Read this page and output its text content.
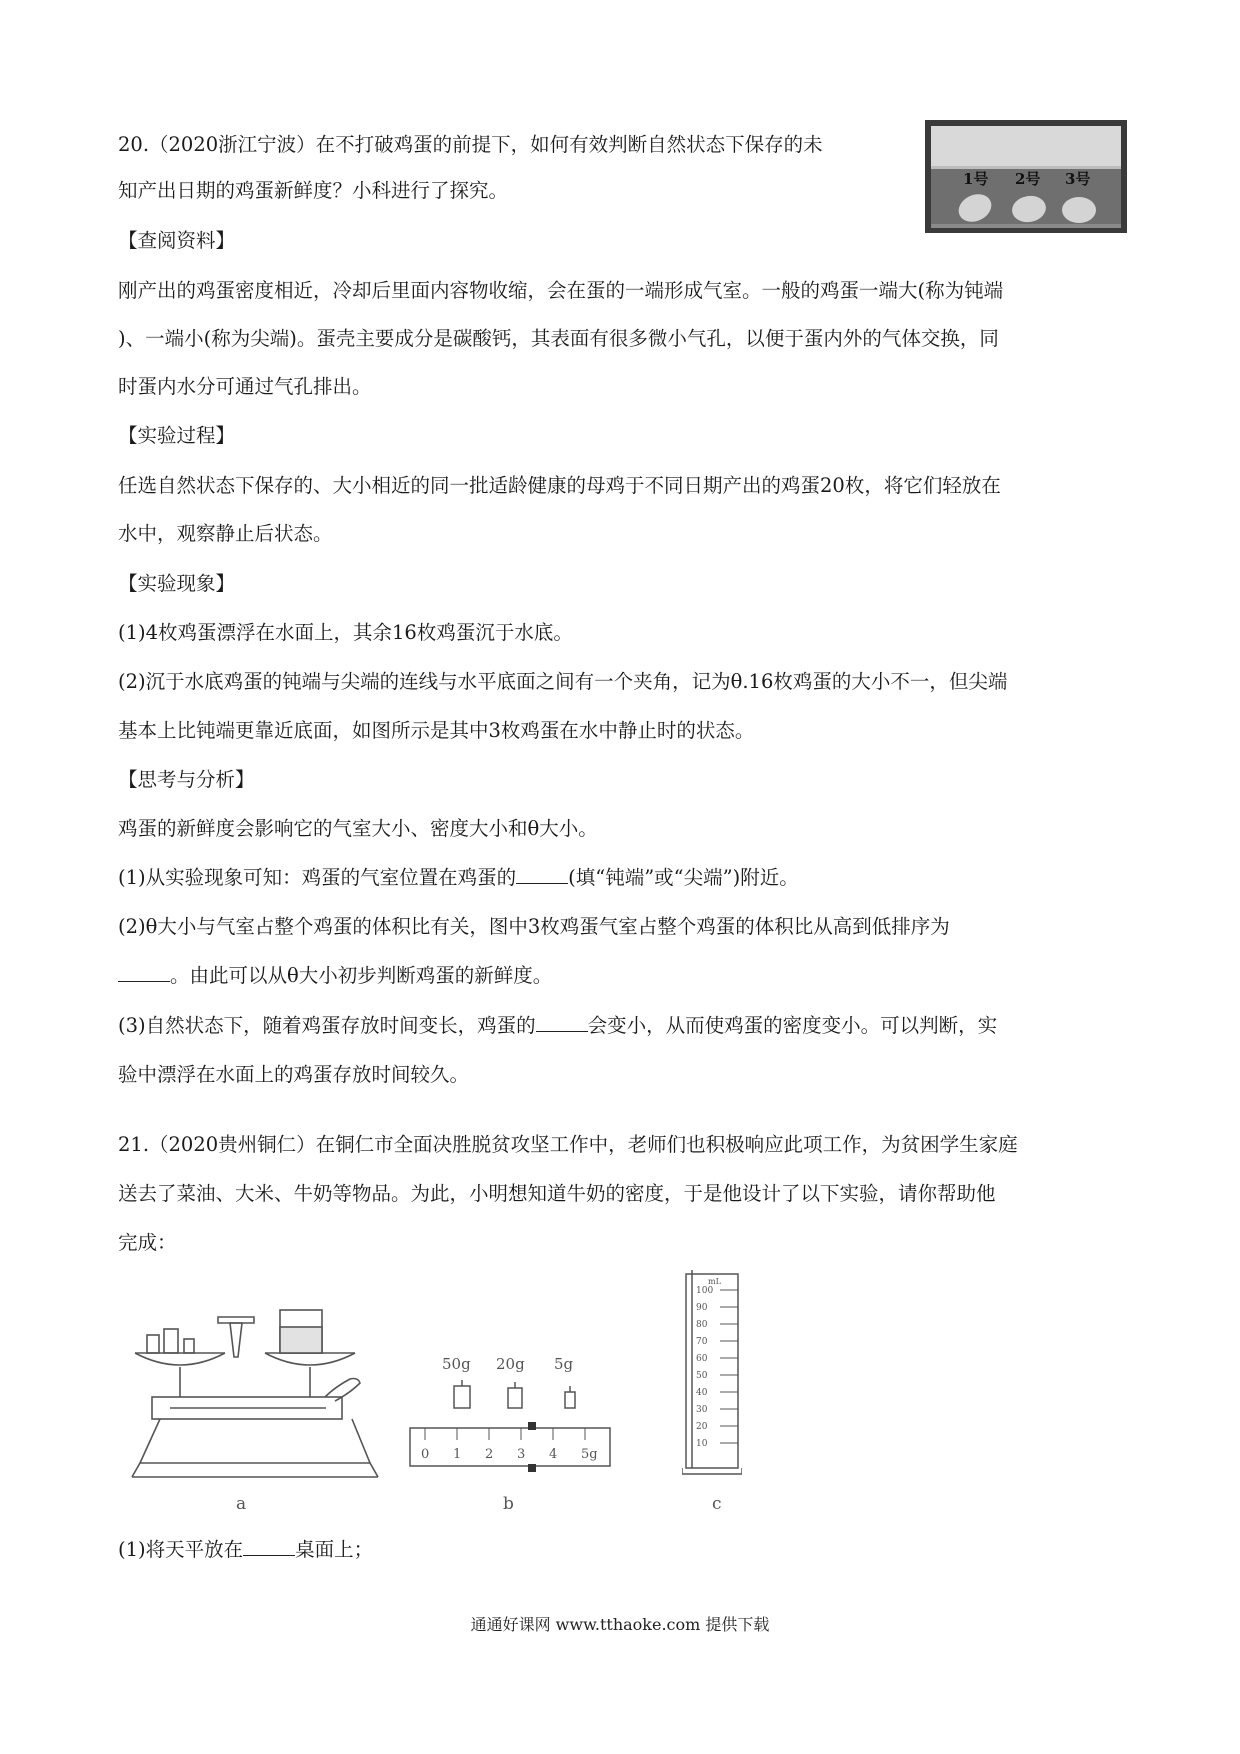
20.（2020浙江宁波）在不打破鸡蛋的前提下，如何有效判断自然状态下保存的未
知产出日期的鸡蛋新鲜度？小科进行了探究。
【查阅资料】
刚产出的鸡蛋密度相近，冷却后里面内容物收缩，会在蛋的一端形成气室。一般的鸡蛋一端大(称为钝端
)、一端小(称为尖端)。蛋壳主要成分是碳酸钙，其表面有很多微小气孔，以便于蛋内外的气体交换，同
时蛋内水分可通过气孔排出。
【实验过程】
任选自然状态下保存的、大小相近的同一批适龄健康的母鸡于不同日期产出的鸡蛋20枚，将它们轻放在
水中，观察静止后状态。
【实验现象】
(1)4枚鸡蛋漂浮在水面上，其余16枚鸡蛋沉于水底。
(2)沉于水底鸡蛋的钝端与尖端的连线与水平底面之间有一个夹角，记为θ.16枚鸡蛋的大小不一，但尖端
基本上比钝端更靠近底面，如图所示是其中3枚鸡蛋在水中静止时的状态。
【思考与分析】
鸡蛋的新鲜度会影响它的气室大小、密度大小和θ大小。
(1)从实验现象可知：鸡蛋的气室位置在鸡蛋的	(填“钝端”或“尖端”)附近。
(2)θ大小与气室占整个鸡蛋的体积比有关，图中3枚鸡蛋气室占整个鸡蛋的体积比从高到低排序为
。由此可以从θ大小初步判断鸡蛋的新鲜度。
(3)自然状态下，随着鸡蛋存放时间变长，鸡蛋的	会变小，从而使鸡蛋的密度变小。可以判断，实
验中漂浮在水面上的鸡蛋存放时间较久。
1号 2号 3号
21.（2020贵州铜仁）在铜仁市全面决胜脱贫攻坚工作中，老师们也积极响应此项工作，为贫困学生家庭
送去了菜油、大米、牛奶等物品。为此，小明想知道牛奶的密度，于是他设计了以下实验，请你帮助他
完成：
50g 20g 5g
0 1 2 3 4 5g
mL
100
90
80
70
60
50
40
30
20
10
a	b	c
(1)将天平放在	桌面上；
通通好课网 www.tthaoke.com 提供下载
